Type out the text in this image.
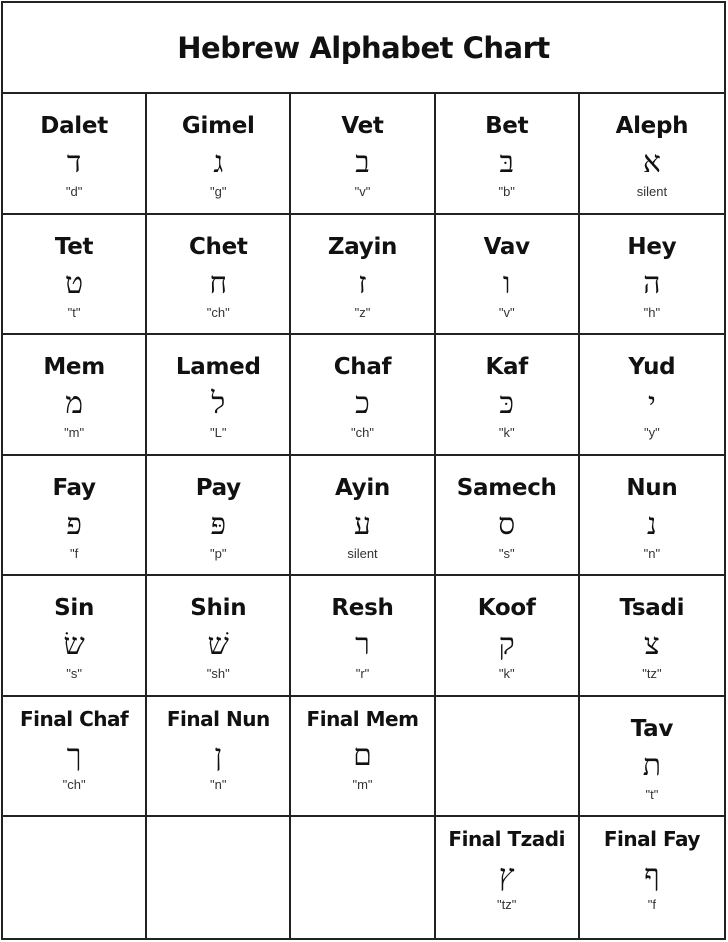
Hebrew Alphabet Chart
Dalet
ד
"d"
Gimel
ג
"g"
Vet
ב
"v"
Bet
בּ
"b"
Aleph
א
silent
Tet
ט
"t"
Chet
ח
"ch"
Zayin
ז
"z"
Vav
ו
"v"
Hey
ה
"h"
Mem
מ
"m"
Lamed
ל
"L"
Chaf
כ
"ch"
Kaf
כּ
"k"
Yud
י
"y"
Fay
פ
"f
Pay
פּ
"p"
Ayin
ע
silent
Samech
ס
"s"
Nun
נ
"n"
Sin
שׂ
"s"
Shin
שׁ
"sh"
Resh
ר
"r"
Koof
ק
"k"
Tsadi
צ
"tz"
Final Chaf
ך
"ch"
Final Nun
ן
"n"
Final Mem
ם
"m"
Tav
ת
"t"
Final Tzadi
ץ
"tz"
Final Fay
ף
"f
